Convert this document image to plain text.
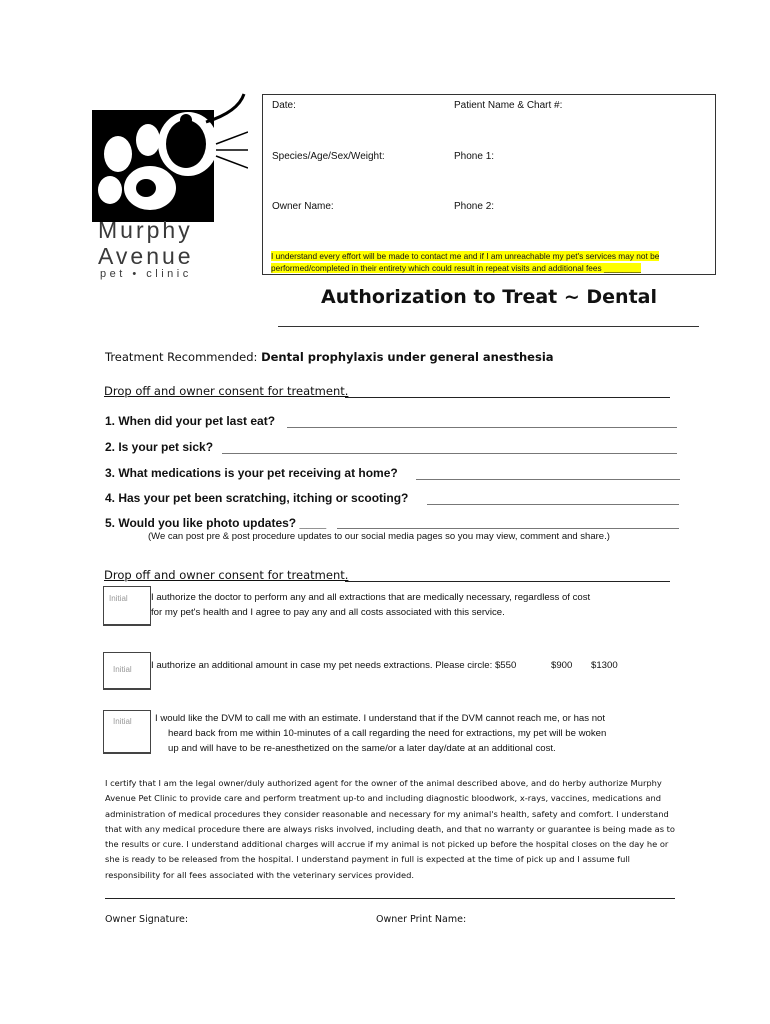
Murphy
Avenue
pet • clinic
Date:	Patient Name & Chart #:
Species/Age/Sex/Weight:	Phone 1:
Owner Name:	Phone 2:
I understand every effort will be made to contact me and if I am unreachable my pet's services may not be performed/completed in their entirety which could result in repeat visits and additional fees ________
Authorization to Treat ~ Dental
Treatment Recommended: Dental prophylaxis under general anesthesia
Drop off and owner consent for treatment.
1. When did your pet last eat?
2. Is your pet sick?
3. What medications is your pet receiving at home?
4. Has your pet been scratching, itching or scooting?
5. Would you like photo updates? ____
(We can post pre & post procedure updates to our social media pages so you may view, comment and share.)
Drop off and owner consent for treatment.
Initial I authorize the doctor to perform any and all extractions that are medically necessary, regardless of cost
for my pet's health and I agree to pay any and all costs associated with this service.
Initial I authorize an additional amount in case my pet needs extractions. Please circle: $550	$900 $1300
Initial I would like the DVM to call me with an estimate. I understand that if the DVM cannot reach me, or has not
heard back from me within 10-minutes of a call regarding the need for extractions, my pet will be woken
up and will have to be re-anesthetized on the same/or a later day/date at an additional cost.
I certify that I am the legal owner/duly authorized agent for the owner of the animal described above, and do herby authorize Murphy Avenue Pet Clinic to provide care and perform treatment up-to and including diagnostic bloodwork, x-rays, vaccines, medications and administration of medical procedures they consider reasonable and necessary for my animal's health, safety and comfort. I understand that with any medical procedure there are always risks involved, including death, and that no warranty or guarantee is being made as to the results or cure. I understand additional charges will accrue if my animal is not picked up before the hospital closes on the day he or she is ready to be released from the hospital. I understand payment in full is expected at the time of pick up and I assume full responsibility for all fees associated with the veterinary services provided.
Owner Signature:	Owner Print Name:
